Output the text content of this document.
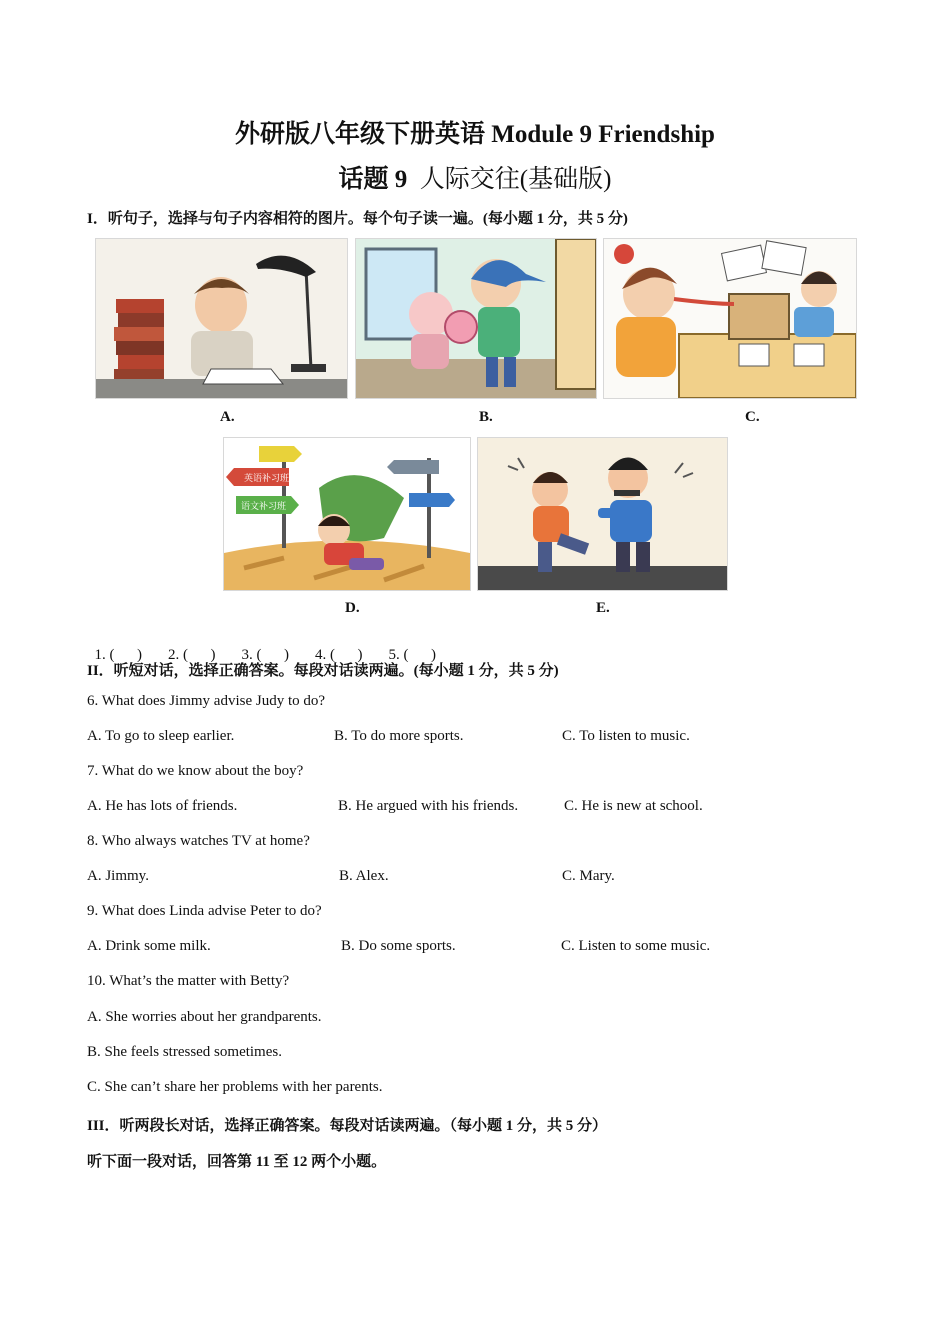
外研版八年级下册英语 Module 9 Friendship
话题 9  人际交往(基础版)
I．听句子，选择与句子内容相符的图片。每个句子读一遍。(每小题 1 分，共 5 分)
A.	B.	C.
英语补习班
语文补习班
D.	E.

1. (      ) 2. (      ) 3. (      ) 4. (      ) 5. (      )

II．听短对话，选择正确答案。每段对话读两遍。(每小题 1 分，共 5 分)
6. What does Jimmy advise Judy to do?
A. To go to sleep earlier.	B. To do more sports.	C. To listen to music.
7. What do we know about the boy?
A. He has lots of friends.	B. He argued with his friends.	C. He is new at school.
8. Who always watches TV at home?
A. Jimmy.	B. Alex.	C. Mary.
9. What does Linda advise Peter to do?
A. Drink some milk.	B. Do some sports.	C. Listen to some music.
10. What’s the matter with Betty?
A. She worries about her grandparents.
B. She feels stressed sometimes.
C. She can’t share her problems with her parents.
III．听两段长对话，选择正确答案。每段对话读两遍。（每小题 1 分，共 5 分）
听下面一段对话，回答第 11 至 12 两个小题。
